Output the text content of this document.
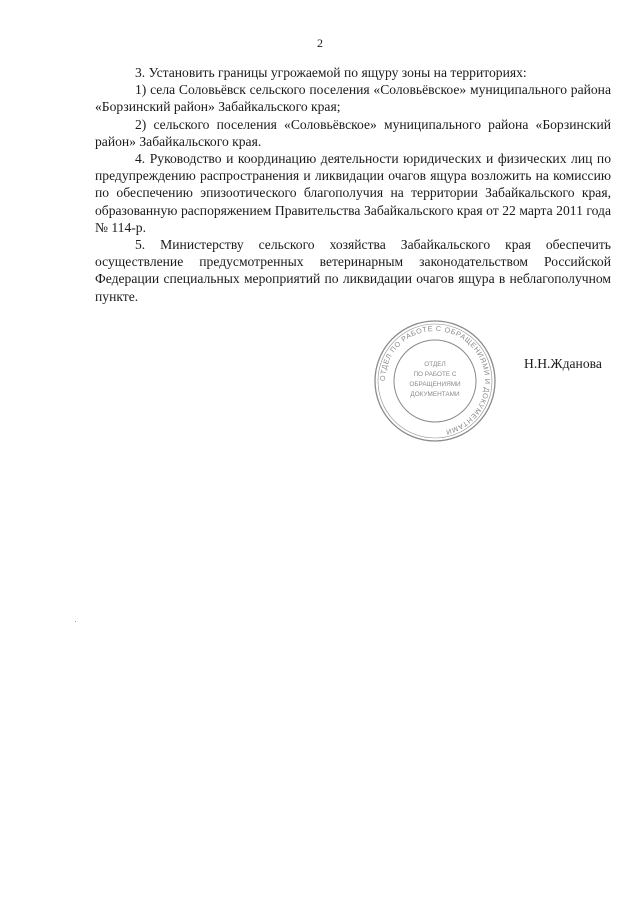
2

3. Установить границы угрожаемой по ящуру зоны на территориях:

1) села Соловьёвск сельского поселения «Соловьёвское» муниципального района «Борзинский район» Забайкальского края;

2) сельского поселения «Соловьёвское» муниципального района «Борзинский район» Забайкальского края.

4. Руководство и координацию деятельности юридических и физических лиц по предупреждению распространения и ликвидации очагов ящура возложить на комиссию по обеспечению эпизоотического благополучия на территории Забайкальского края, образованную распоряжением Правительства Забайкальского края от 22 марта 2011 года № 114-р.

5. Министерству сельского хозяйства Забайкальского края обеспечить осуществление предусмотренных ветеринарным законодательством Российской Федерации специальных мероприятий по ликвидации очагов ящура в неблагополучном пункте.

ОТДЕЛ ПО РАБОТЕ С ОБРАЩЕНИЯМИ И ДОКУМЕНТАМИ
ОТДЕЛ
ПО РАБОТЕ С
ОБРАЩЕНИЯМИ
ДОКУМЕНТАМИ
Н.Н.Жданова
